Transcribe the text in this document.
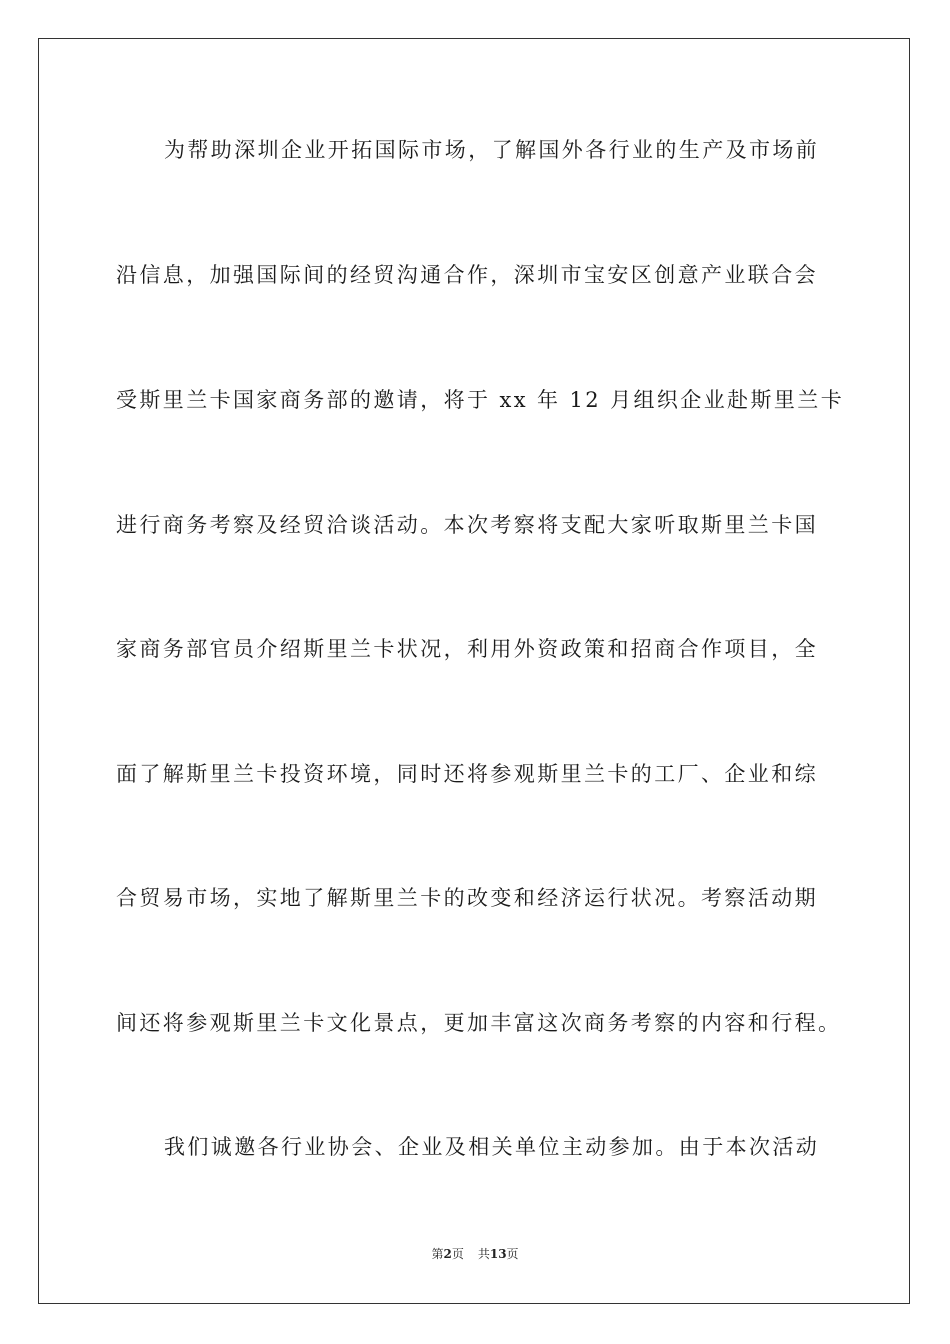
为帮助深圳企业开拓国际市场，了解国外各行业的生产及市场前
沿信息，加强国际间的经贸沟通合作，深圳市宝安区创意产业联合会
受斯里兰卡国家商务部的邀请，将于 xx 年 12 月组织企业赴斯里兰卡
进行商务考察及经贸洽谈活动。本次考察将支配大家听取斯里兰卡国
家商务部官员介绍斯里兰卡状况，利用外资政策和招商合作项目，全
面了解斯里兰卡投资环境，同时还将参观斯里兰卡的工厂、企业和综
合贸易市场，实地了解斯里兰卡的改变和经济运行状况。考察活动期
间还将参观斯里兰卡文化景点，更加丰富这次商务考察的内容和行程。
我们诚邀各行业协会、企业及相关单位主动参加。由于本次活动
第2页 共13页
